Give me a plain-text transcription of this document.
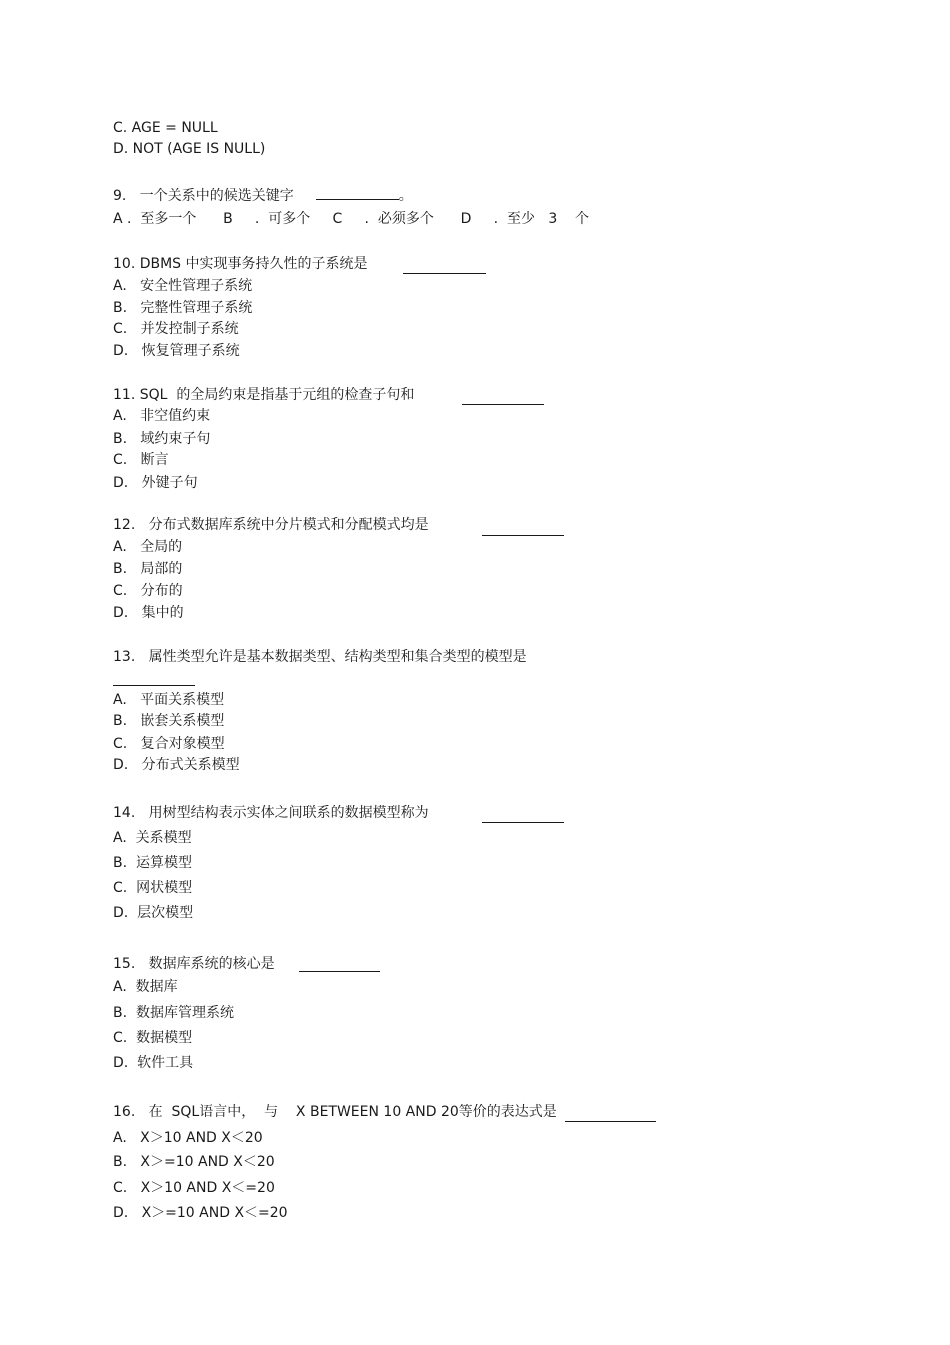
C. AGE = NULL
D. NOT (AGE IS NULL)
9.   一个关系中的候选关键字	。
A .  至多一个      B     .  可多个     C     .  必须多个      D     .  至少   3    个
10. DBMS 中实现事务持久性的子系统是
A.   安全性管理子系统
B.   完整性管理子系统
C.   并发控制子系统
D.   恢复管理子系统
11. SQL  的全局约束是指基于元组的检查子句和
A.   非空值约束
B.   域约束子句
C.   断言
D.   外键子句
12.   分布式数据库系统中分片模式和分配模式均是
A.   全局的
B.   局部的
C.   分布的
D.   集中的
13.   属性类型允许是基本数据类型、结构类型和集合类型的模型是
A.   平面关系模型
B.   嵌套关系模型
C.   复合对象模型
D.   分布式关系模型
14.   用树型结构表示实体之间联系的数据模型称为
A.  关系模型
B.  运算模型
C.  网状模型
D.  层次模型
15.   数据库系统的核心是
A.  数据库
B.  数据库管理系统
C.  数据模型
D.  软件工具
16.   在  SQL语言中，  与    X BETWEEN 10 AND 20等价的表达式是
A.   X＞10 AND X＜20
B.   X＞=10 AND X＜20
C.   X＞10 AND X＜=20
D.   X＞=10 AND X＜=20
